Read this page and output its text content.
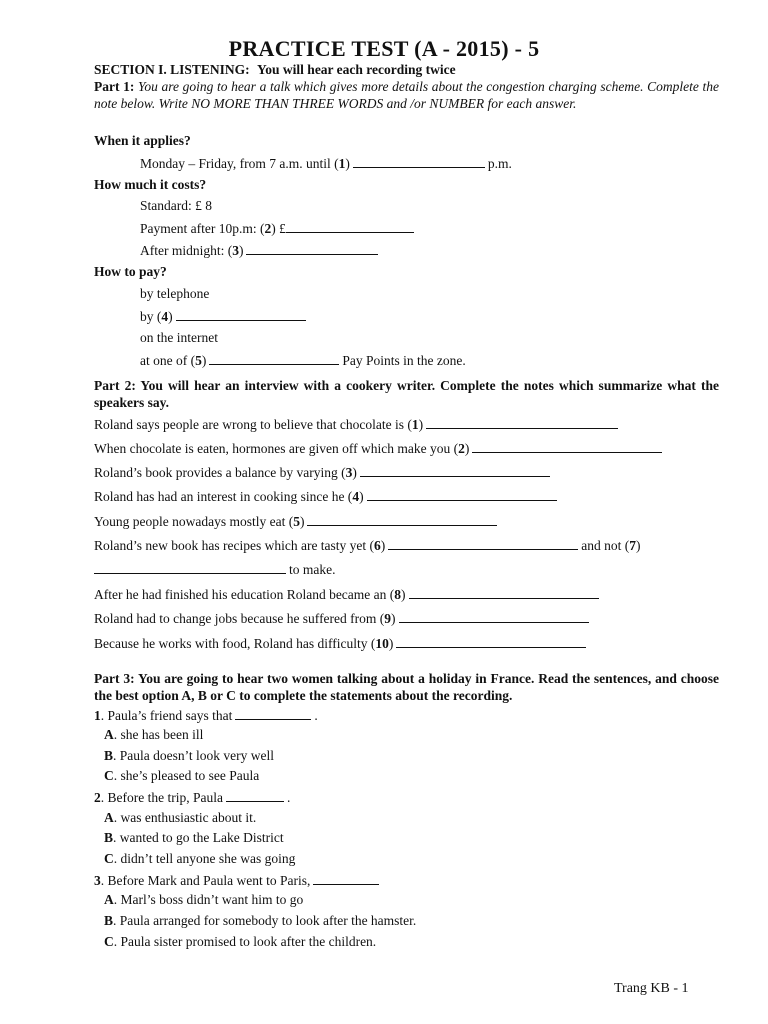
PRACTICE TEST (A - 2015) - 5
SECTION I. LISTENING: You will hear each recording twice
Part 1: You are going to hear a talk which gives more details about the congestion charging scheme. Complete the note below. Write NO MORE THAN THREE WORDS and /or NUMBER for each answer.
When it applies?
Monday – Friday, from 7 a.m. until (1)	p.m.
How much it costs?
Standard: £ 8
Payment after 10p.m: (2) £
After midnight: (3)
How to pay?
by telephone
by (4)
on the internet
at one of (5)	Pay Points in the zone.
Part 2: You will hear an interview with a cookery writer. Complete the notes which summarize what the speakers say.
Roland says people are wrong to believe that chocolate is (1)
When chocolate is eaten, hormones are given off which make you (2)
Roland’s book provides a balance by varying (3)
Roland has had an interest in cooking since he (4)
Young people nowadays mostly eat (5)
Roland’s new book has recipes which are tasty yet (6)	and not (7)
to make.
After he had finished his education Roland became an (8)
Roland had to change jobs because he suffered from (9)
Because he works with food, Roland has difficulty (10)
Part 3: You are going to hear two women talking about a holiday in France. Read the sentences, and choose the best option A, B or C to complete the statements about the recording.
1. Paula’s friend says that	.
A. she has been ill
B. Paula doesn’t look very well
C. she’s pleased to see Paula
2. Before the trip, Paula	.
A. was enthusiastic about it.
B. wanted to go the Lake District
C. didn’t tell anyone she was going
3. Before Mark and Paula went to Paris,
A. Marl’s boss didn’t want him to go
B. Paula arranged for somebody to look after the hamster.
C. Paula sister promised to look after the children.
Trang KB - 1
